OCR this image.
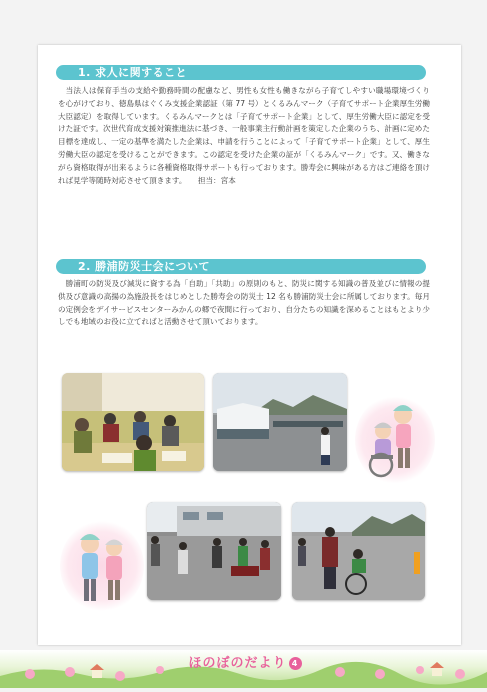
1. 求人に関すること

当法人は保育手当の支給や勤務時間の配慮など、男性も女性も働きながら子育てしやすい職場環境づくりを心がけており、徳島県はぐくみ支援企業認証（第 77 号）とくるみんマーク（子育てサポート企業厚生労働大臣認定）を取得しています。くるみんマークとは「子育てサポート企業」として、厚生労働大臣に認定を受けた証です。次世代育成支援対策推進法に基づき、一般事業主行動計画を策定した企業のうち、計画に定めた目標を達成し、一定の基準を満たした企業は、申請を行うことによって「子育てサポート企業」として、厚生労働大臣の認定を受けることができます。この認定を受けた企業の証が「くるみんマーク」です。又、働きながら資格取得が出来るように各種資格取得サポートも行っております。勝寿会に興味がある方はご連絡を頂ければ見学等随時対応させて頂きます。　　担当：宮本

2. 勝浦防災士会について

勝浦町の防災及び減災に資する為「自助」「共助」の原則のもと、防災に関する知識の普及並びに情報の提供及び意識の高揚の為施設長をはじめとした勝寿会の防災士 12 名も勝浦防災士会に所属しております。毎月の定例会をデイサービスセンターみかんの郷で夜間に行っており、自分たちの知識を深めることはもとより少しでも地域のお役に立てればと活動させて頂いております。

ほのぼのだより 4
